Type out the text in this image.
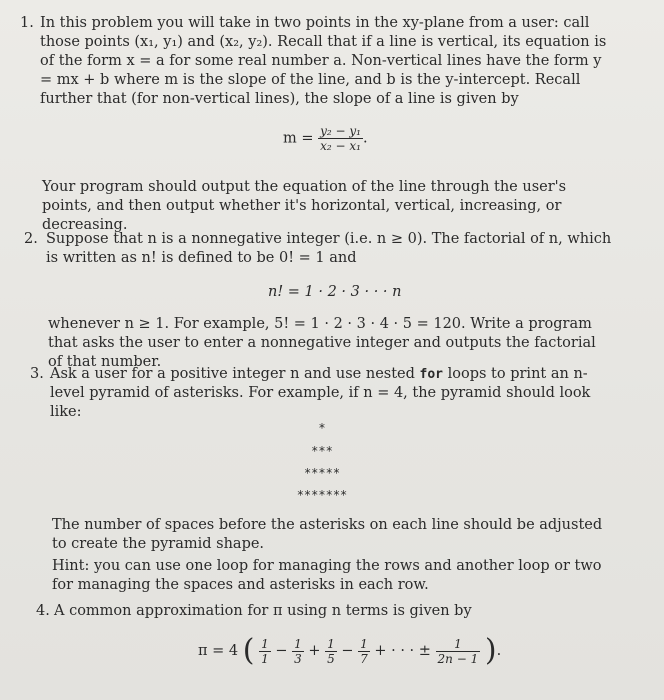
1. In this problem you will take in two points in the xy-plane from a user: call those points (x₁, y₁) and (x₂, y₂). Recall that if a line is vertical, its equation is of the form x = a for some real number a. Non-vertical lines have the form y = mx + b where m is the slope of the line, and b is the y-intercept. Recall further that (for non-vertical lines), the slope of a line is given by

$m = \frac{\text{y₂ − y₁}}{\text{x₂ − x₁}}$ .

Your program should output the equation of the line through the user's points, and then output whether it's horizontal, vertical, increasing, or decreasing.

2. Suppose that n is a nonnegative integer (i.e. n ≥ 0). The factorial of n, which is written as n! is defined to be 0! = 1 and

n! = 1 · 2 · 3 · · · n

whenever n ≥ 1. For example, 5! = 1 · 2 · 3 · 4 · 5 = 120. Write a program that asks the user to enter a nonnegative integer and outputs the factorial of that number.

3. Ask a user for a positive integer n and use nested for loops to print an n-level pyramid of asterisks. For example, if n = 4, the pyramid should look like:

*
***
*****
*******

The number of spaces before the asterisks on each line should be adjusted to create the pyramid shape.

Hint: you can use one loop for managing the rows and another loop or two for managing the spaces and asterisks in each row.

4. A common approximation for π using n terms is given by

π = 4 ( $\frac{1}{1} - \frac{1}{3} + \frac{1}{5} - \frac{1}{7}$ + · · · ± $\frac{1}{2n - 1}$ ).
